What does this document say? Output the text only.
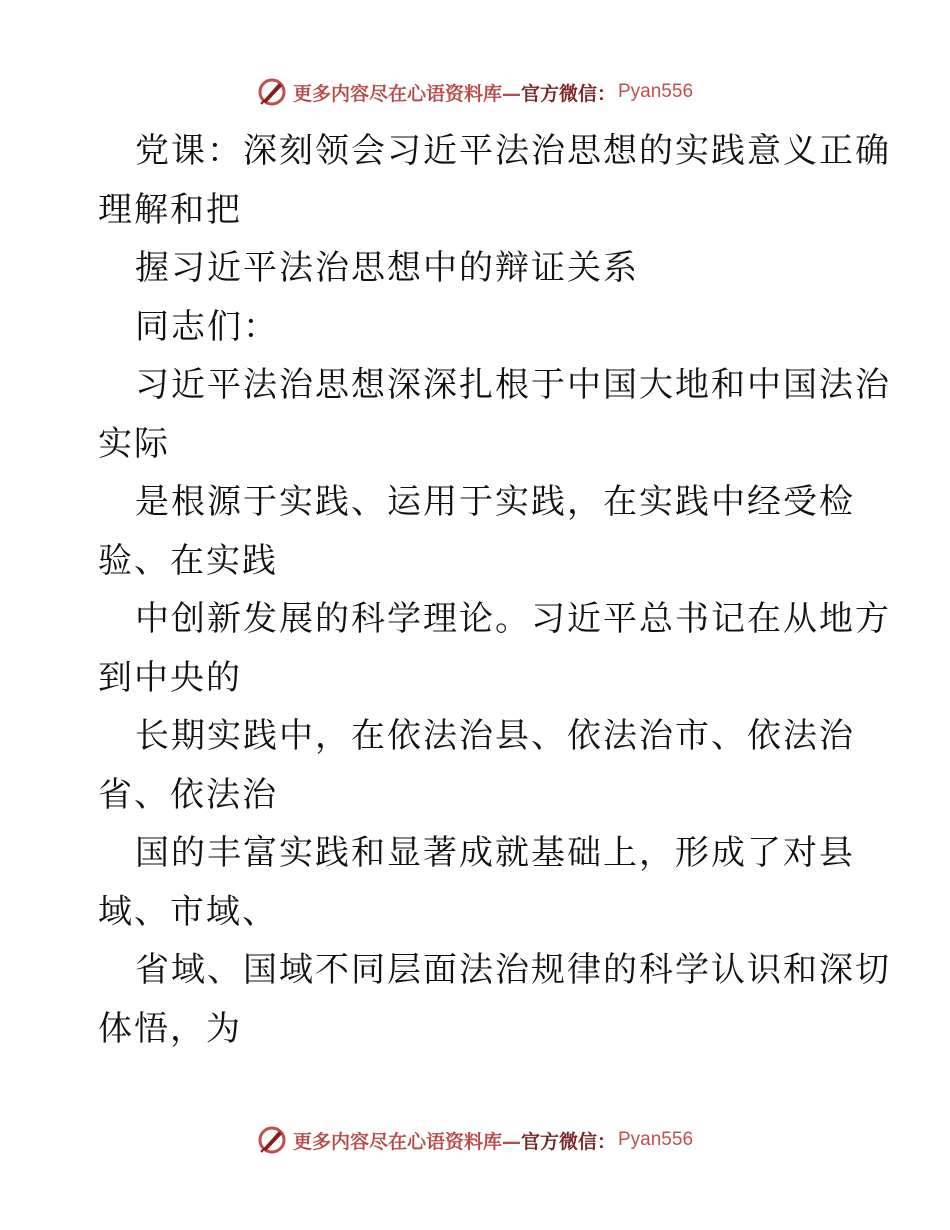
更多内容尽在心语资料库— 官方微信： Pyan556

党课：深刻领会习近平法治思想的实践意义正确

理解和把

握习近平法治思想中的辩证关系

同志们：

习近平法治思想深深扎根于中国大地和中国法治

实际

是根源于实践、运用于实践，在实践中经受检

验、在实践

中创新发展的科学理论。习近平总书记在从地方

到中央的

长期实践中，在依法治县、依法治市、依法治

省、依法治

国的丰富实践和显著成就基础上，形成了对县

域、市域、

省域、国域不同层面法治规律的科学认识和深切

体悟，为

更多内容尽在心语资料库— 官方微信： Pyan556
